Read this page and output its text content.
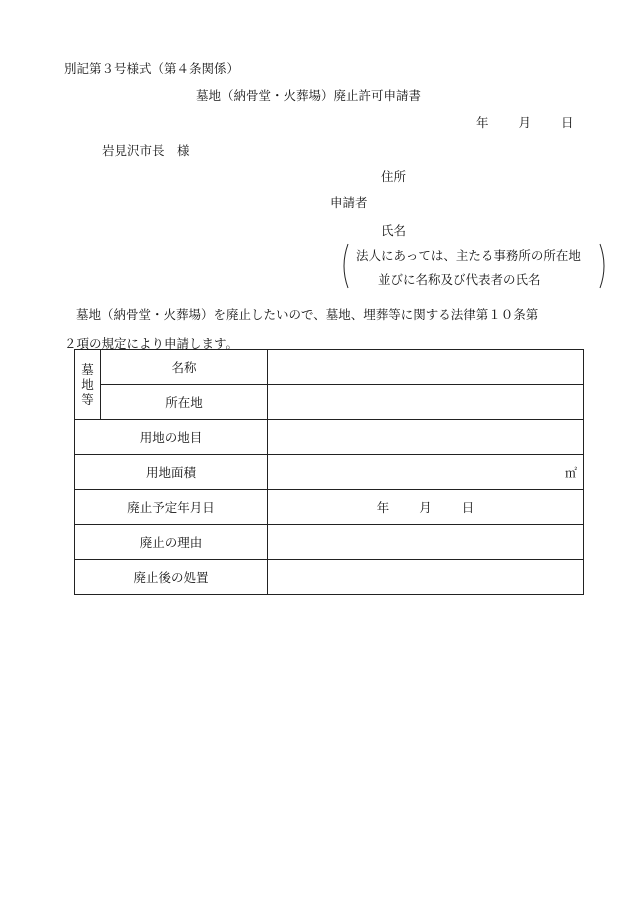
別記第３号様式（第４条関係）
墓地（納骨堂・火葬場）廃止許可申請書
年 月 日
岩見沢市長　様
住所
申請者
氏名
法人にあっては、主たる事務所の所在地
並びに名称及び代表者の氏名
墓地（納骨堂・火葬場）を廃止したいので、墓地、埋葬等に関する法律第１０条第
２項の規定により申請します。
墓
地
等	名称	
	所在地	
用地の地目		
用地面積		㎡

廃止予定年月日		年 月 日
廃止の理由		
廃止後の処置		
